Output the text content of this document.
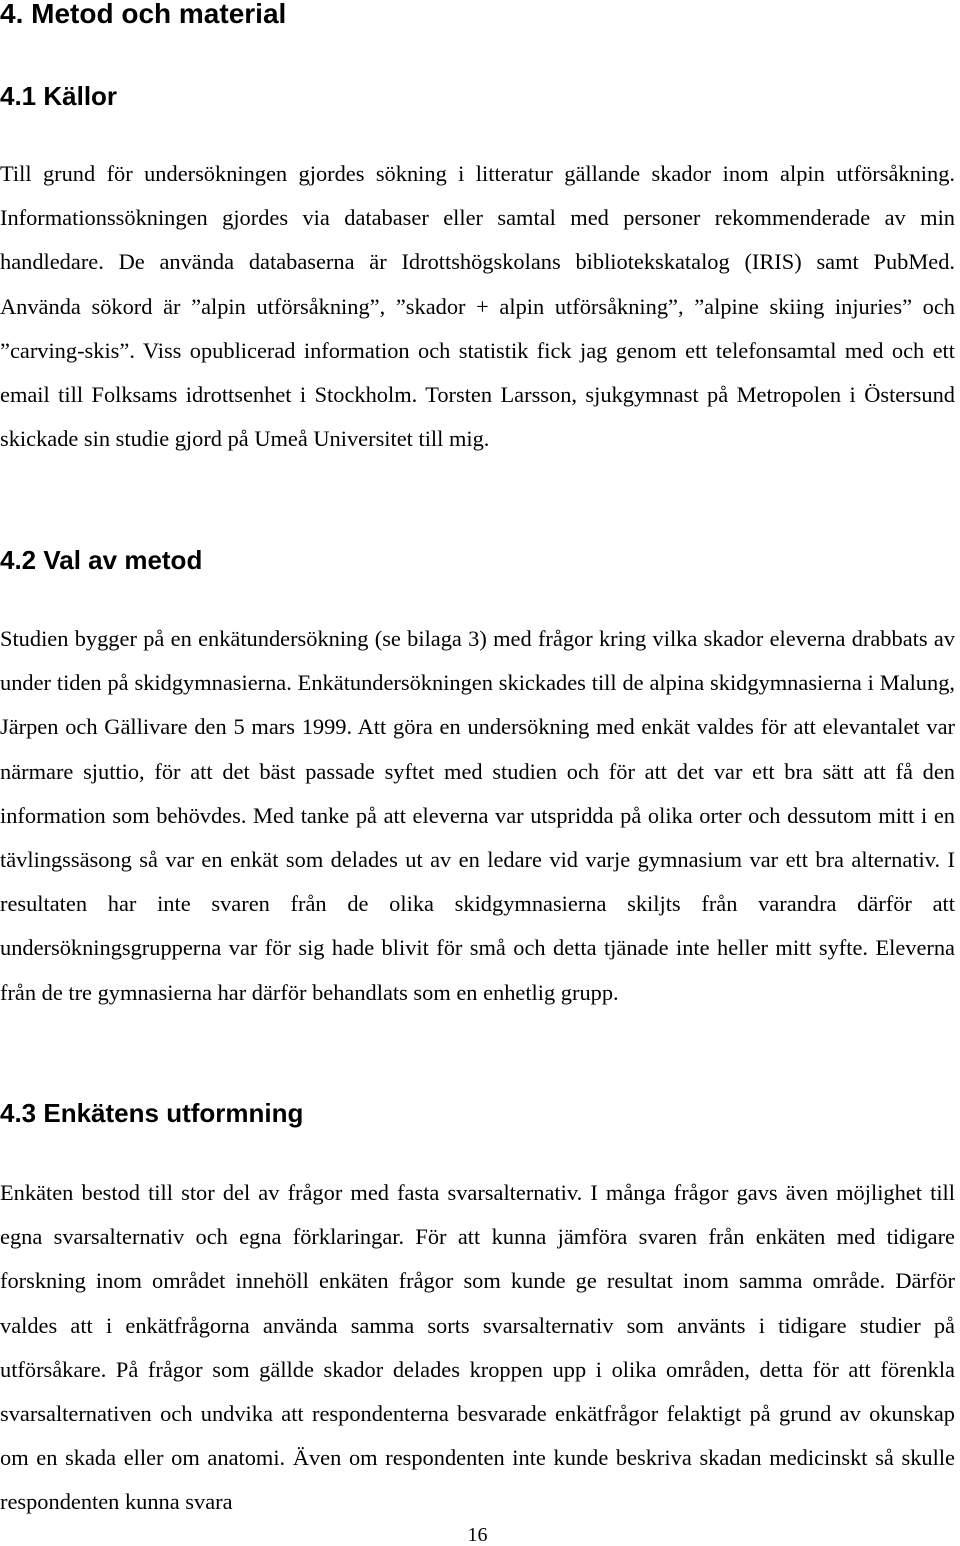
4. Metod och material
4.1 Källor

Till grund för undersökningen gjordes sökning i litteratur gällande skador inom alpin utförsåkning. Informationssökningen gjordes via databaser eller samtal med personer rekommenderade av min handledare. De använda databaserna är Idrottshögskolans bibliotekskatalog (IRIS) samt PubMed. Använda sökord är ”alpin utförsåkning”, ”skador + alpin utförsåkning”, ”alpine skiing injuries” och ”carving-skis”. Viss opublicerad information och statistik fick jag genom ett telefonsamtal med och ett email till Folksams idrottsenhet i Stockholm. Torsten Larsson, sjukgymnast på Metropolen i Östersund skickade sin studie gjord på Umeå Universitet till mig.

4.2 Val av metod

Studien bygger på en enkätundersökning (se bilaga 3) med frågor kring vilka skador eleverna drabbats av under tiden på skidgymnasierna. Enkätundersökningen skickades till de alpina skidgymnasierna i Malung, Järpen och Gällivare den 5 mars 1999. Att göra en undersökning med enkät valdes för att elevantalet var närmare sjuttio, för att det bäst passade syftet med studien och för att det var ett bra sätt att få den information som behövdes. Med tanke på att eleverna var utspridda på olika orter och dessutom mitt i en tävlingssäsong så var en enkät som delades ut av en ledare vid varje gymnasium var ett bra alternativ. I resultaten har inte svaren från de olika skidgymnasierna skiljts från varandra därför att undersökningsgrupperna var för sig hade blivit för små och detta tjänade inte heller mitt syfte. Eleverna från de tre gymnasierna har därför behandlats som en enhetlig grupp.

4.3 Enkätens utformning

Enkäten bestod till stor del av frågor med fasta svarsalternativ. I många frågor gavs även möjlighet till egna svarsalternativ och egna förklaringar. För att kunna jämföra svaren från enkäten med tidigare forskning inom området innehöll enkäten frågor som kunde ge resultat inom samma område. Därför valdes att i enkätfrågorna använda samma sorts svarsalternativ som använts i tidigare studier på utförsåkare. På frågor som gällde skador delades kroppen upp i olika områden, detta för att förenkla svarsalternativen och undvika att respondenterna besvarade enkätfrågor felaktigt på grund av okunskap om en skada eller om anatomi. Även om respondenten inte kunde beskriva skadan medicinskt så skulle respondenten kunna svara

16
